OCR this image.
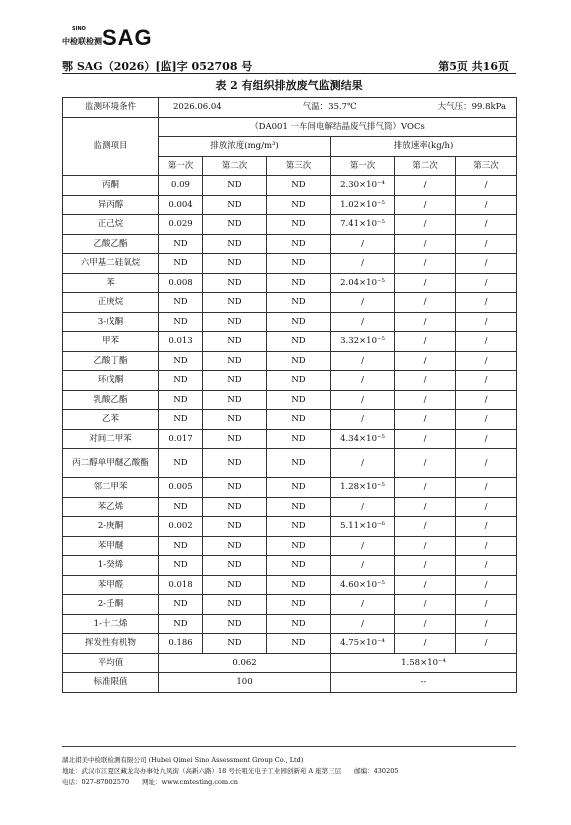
SINO
中检联检测 SAG
鄂 SAG（2026）[监]字 052708 号	第5页 共16页
表 2 有组织排放废气监测结果
监测环境条件	2026.06.04 气温：35.7℃ 大气压：99.8kPa					

监测项目	（DA001 一车间电解结晶废气排气筒）VOCs					
	排放浓度(mg/m³)			排放速率(kg/h)		
	第一次	第二次	第三次	第一次	第二次	第三次
丙酮	0.09	ND	ND	2.30×10⁻⁴	/	/
异丙醇	0.004	ND	ND	1.02×10⁻⁵	/	/
正己烷	0.029	ND	ND	7.41×10⁻⁵	/	/
乙酸乙酯	ND	ND	ND	/	/	/
六甲基二硅氧烷	ND	ND	ND	/	/	/
苯	0.008	ND	ND	2.04×10⁻⁵	/	/
正庚烷	ND	ND	ND	/	/	/
3-戊酮	ND	ND	ND	/	/	/
甲苯	0.013	ND	ND	3.32×10⁻⁵	/	/
乙酸丁酯	ND	ND	ND	/	/	/
环戊酮	ND	ND	ND	/	/	/
乳酸乙酯	ND	ND	ND	/	/	/
乙苯	ND	ND	ND	/	/	/
对间二甲苯	0.017	ND	ND	4.34×10⁻⁵	/	/
丙二醇单甲醚乙酸酯	ND	ND	ND	/	/	/
邻二甲苯	0.005	ND	ND	1.28×10⁻⁵	/	/
苯乙烯	ND	ND	ND	/	/	/
2-庚酮	0.002	ND	ND	5.11×10⁻⁶	/	/
苯甲醚	ND	ND	ND	/	/	/
1-癸烯	ND	ND	ND	/	/	/
苯甲醛	0.018	ND	ND	4.60×10⁻⁵	/	/
2-壬酮	ND	ND	ND	/	/	/
1-十二烯	ND	ND	ND	/	/	/
挥发性有机物	0.186	ND	ND	4.75×10⁻⁴	/	/
平均值	0.062			1.58×10⁻⁴		
标准限值	100			--		
湖北祺美中检联检测有限公司 (Hubei Qimei Sino Assessment Group Co., Ltd)
地址：武汉市江夏区藏龙岛办事处九凤街（高新六路）18 号长咀光电子工业园创新苑 A 座第三层　　邮编：430205
电话：027-87002570　　网址：www.cmtesting.com.cn
